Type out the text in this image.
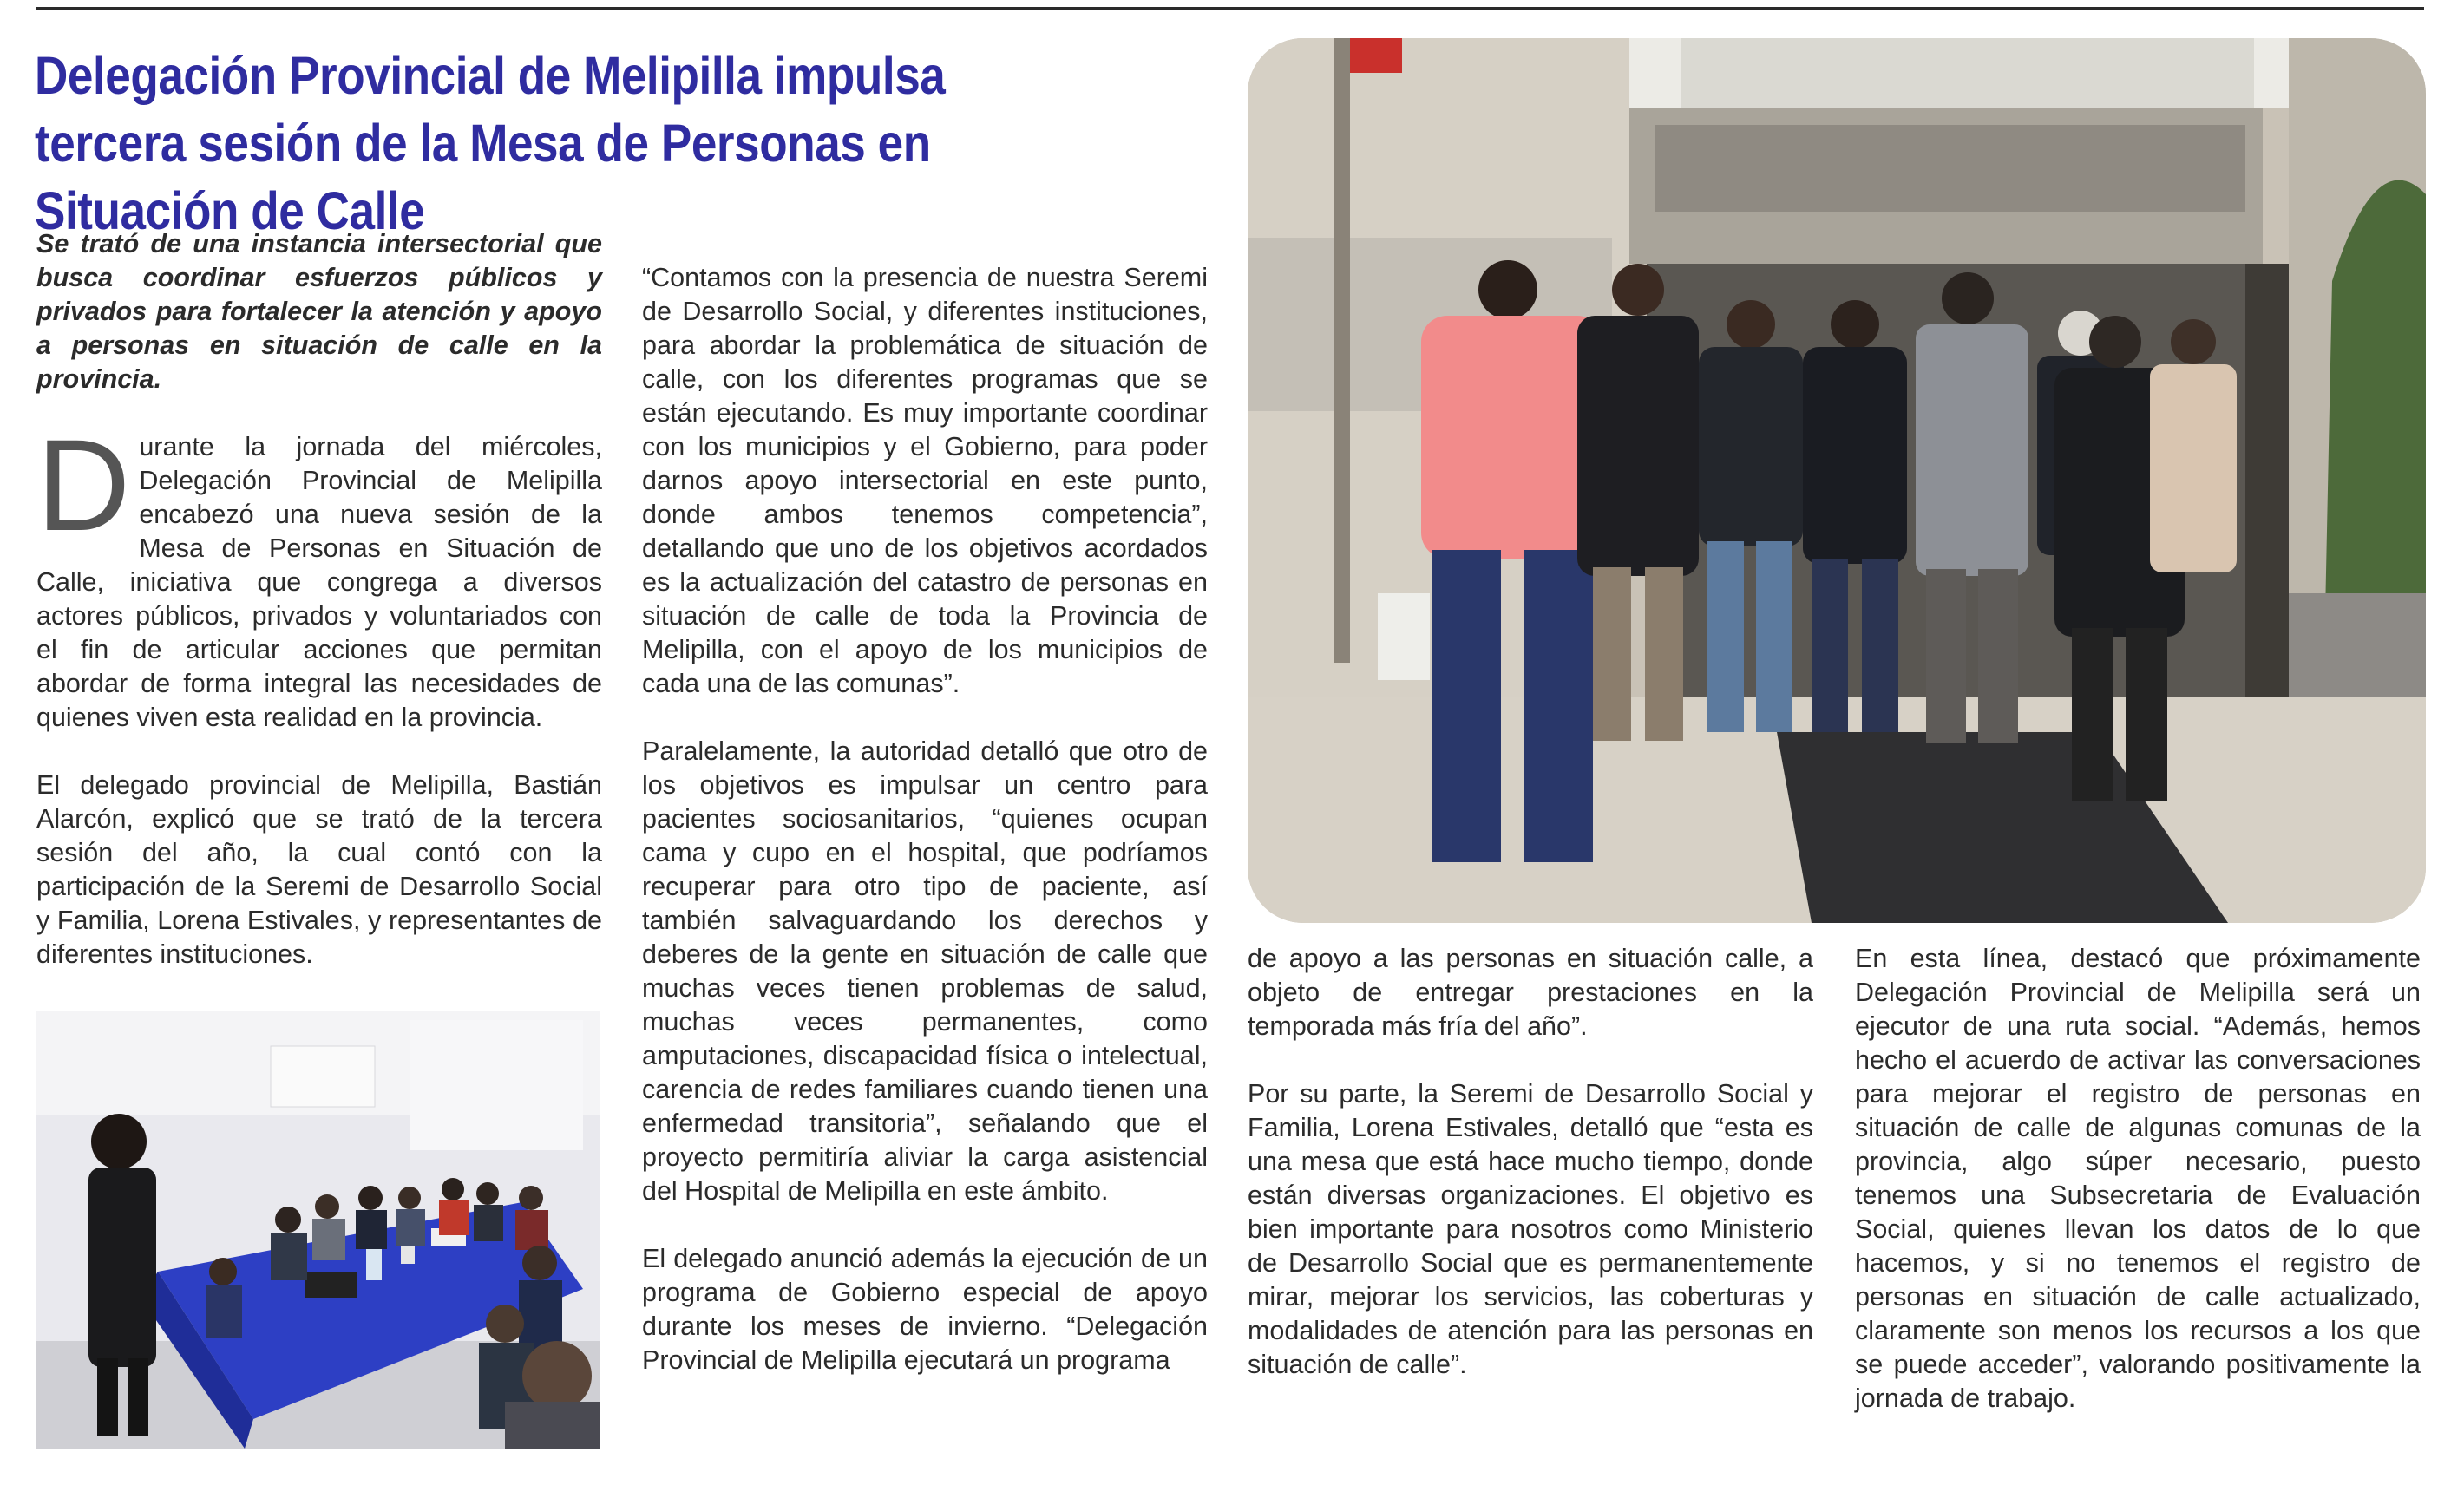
Delegación Provincial de Melipilla impulsa tercera sesión de la Mesa de Personas en Situación de Calle

Se trató de una instancia intersectorial que busca coordinar esfuerzos públicos y privados para fortalecer la atención y apoyo a personas en situación de calle en la provincia.

Durante la jornada del miércoles, Delegación Provincial de Melipilla encabezó una nueva sesión de la Mesa de Personas en Situación de Calle, iniciativa que congrega a diversos actores públicos, privados y voluntariados con el fin de articular acciones que permitan abordar de forma integral las necesidades de quienes viven esta realidad en la provincia.

El delegado provincial de Melipilla, Bastián Alarcón, explicó que se trató de la tercera sesión del año, la cual contó con la participación de la Seremi de Desarrollo Social y Familia, Lorena Estivales, y representantes de diferentes instituciones.

“Contamos con la presencia de nuestra Seremi de Desarrollo Social, y diferentes instituciones, para abordar la problemática de situación de calle, con los diferentes programas que se están ejecutando. Es muy importante coordinar con los municipios y el Gobierno, para poder darnos apoyo intersectorial en este punto, donde ambos tenemos competencia”, detallando que uno de los objetivos acordados es la actualización del catastro de personas en situación de calle de toda la Provincia de Melipilla, con el apoyo de los municipios de cada una de las comunas”.

Paralelamente, la autoridad detalló que otro de los objetivos es impulsar un centro para pacientes sociosanitarios, “quienes ocupan cama y cupo en el hospital, que podríamos recuperar para otro tipo de paciente, así también salvaguardando los derechos y deberes de la gente en situación de calle que muchas veces tienen problemas de salud, muchas veces permanentes, como amputaciones, discapacidad física o intelectual, carencia de redes familiares cuando tienen una enfermedad transitoria”, señalando que el proyecto permitiría aliviar la carga asistencial del Hospital de Melipilla en este ámbito.

El delegado anunció además la ejecución de un programa de Gobierno especial de apoyo durante los meses de invierno. “Delegación Provincial de Melipilla ejecutará un programa

de apoyo a las personas en situación calle, a objeto de entregar prestaciones en la temporada más fría del año”.

Por su parte, la Seremi de Desarrollo Social y Familia, Lorena Estivales, detalló que “esta es una mesa que está hace mucho tiempo, donde están diversas organizaciones. El objetivo es bien importante para nosotros como Ministerio de Desarrollo Social que es permanentemente mirar, mejorar los servicios, las coberturas y modalidades de atención para las personas en situación de calle”.

En esta línea, destacó que próximamente Delegación Provincial de Melipilla será un ejecutor de una ruta social. “Además, hemos hecho el acuerdo de activar las conversaciones para mejorar el registro de personas en situación de calle de algunas comunas de la provincia, algo súper necesario, puesto tenemos una Subsecretaria de Evaluación Social, quienes llevan los datos de lo que hacemos, y si no tenemos el registro de personas en situación de calle actualizado, claramente son menos los recursos a los que se puede acceder”, valorando positivamente la jornada de trabajo.
